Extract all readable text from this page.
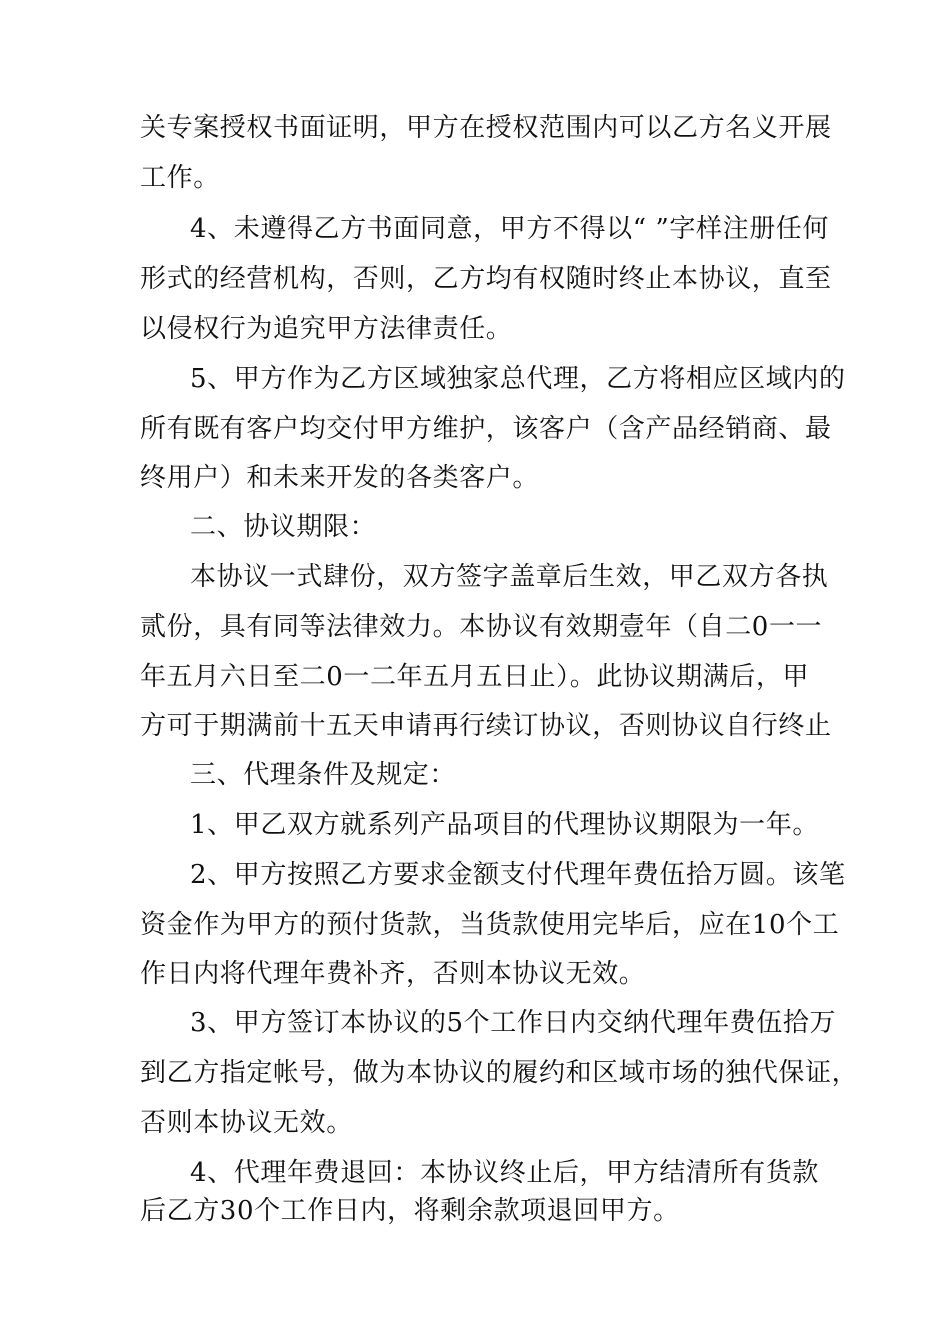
关专案授权书面证明，甲方在授权范围内可以乙方名义开展
工作。
4、未遵得乙方书面同意，甲方不得以“ ”字样注册任何
形式的经营机构，否则，乙方均有权随时终止本协议，直至
以侵权行为追究甲方法律责任。
5、甲方作为乙方区域独家总代理，乙方将相应区域内的
所有既有客户均交付甲方维护，该客户（含产品经销商、最
终用户）和未来开发的各类客户。
二、协议期限：
本协议一式肆份，双方签字盖章后生效，甲乙双方各执
贰份，具有同等法律效力。本协议有效期壹年（自二0一一
年五月六日至二0一二年五月五日止）。此协议期满后，甲
方可于期满前十五天申请再行续订协议，否则协议自行终止
三、代理条件及规定：
1、甲乙双方就系列产品项目的代理协议期限为一年。
2、甲方按照乙方要求金额支付代理年费伍拾万圆。该笔
资金作为甲方的预付货款，当货款使用完毕后，应在10个工
作日内将代理年费补齐，否则本协议无效。
3、甲方签订本协议的5个工作日内交纳代理年费伍拾万
到乙方指定帐号，做为本协议的履约和区域市场的独代保证，
否则本协议无效。
4、代理年费退回：本协议终止后，甲方结清所有货款
后乙方30个工作日内，将剩余款项退回甲方。
